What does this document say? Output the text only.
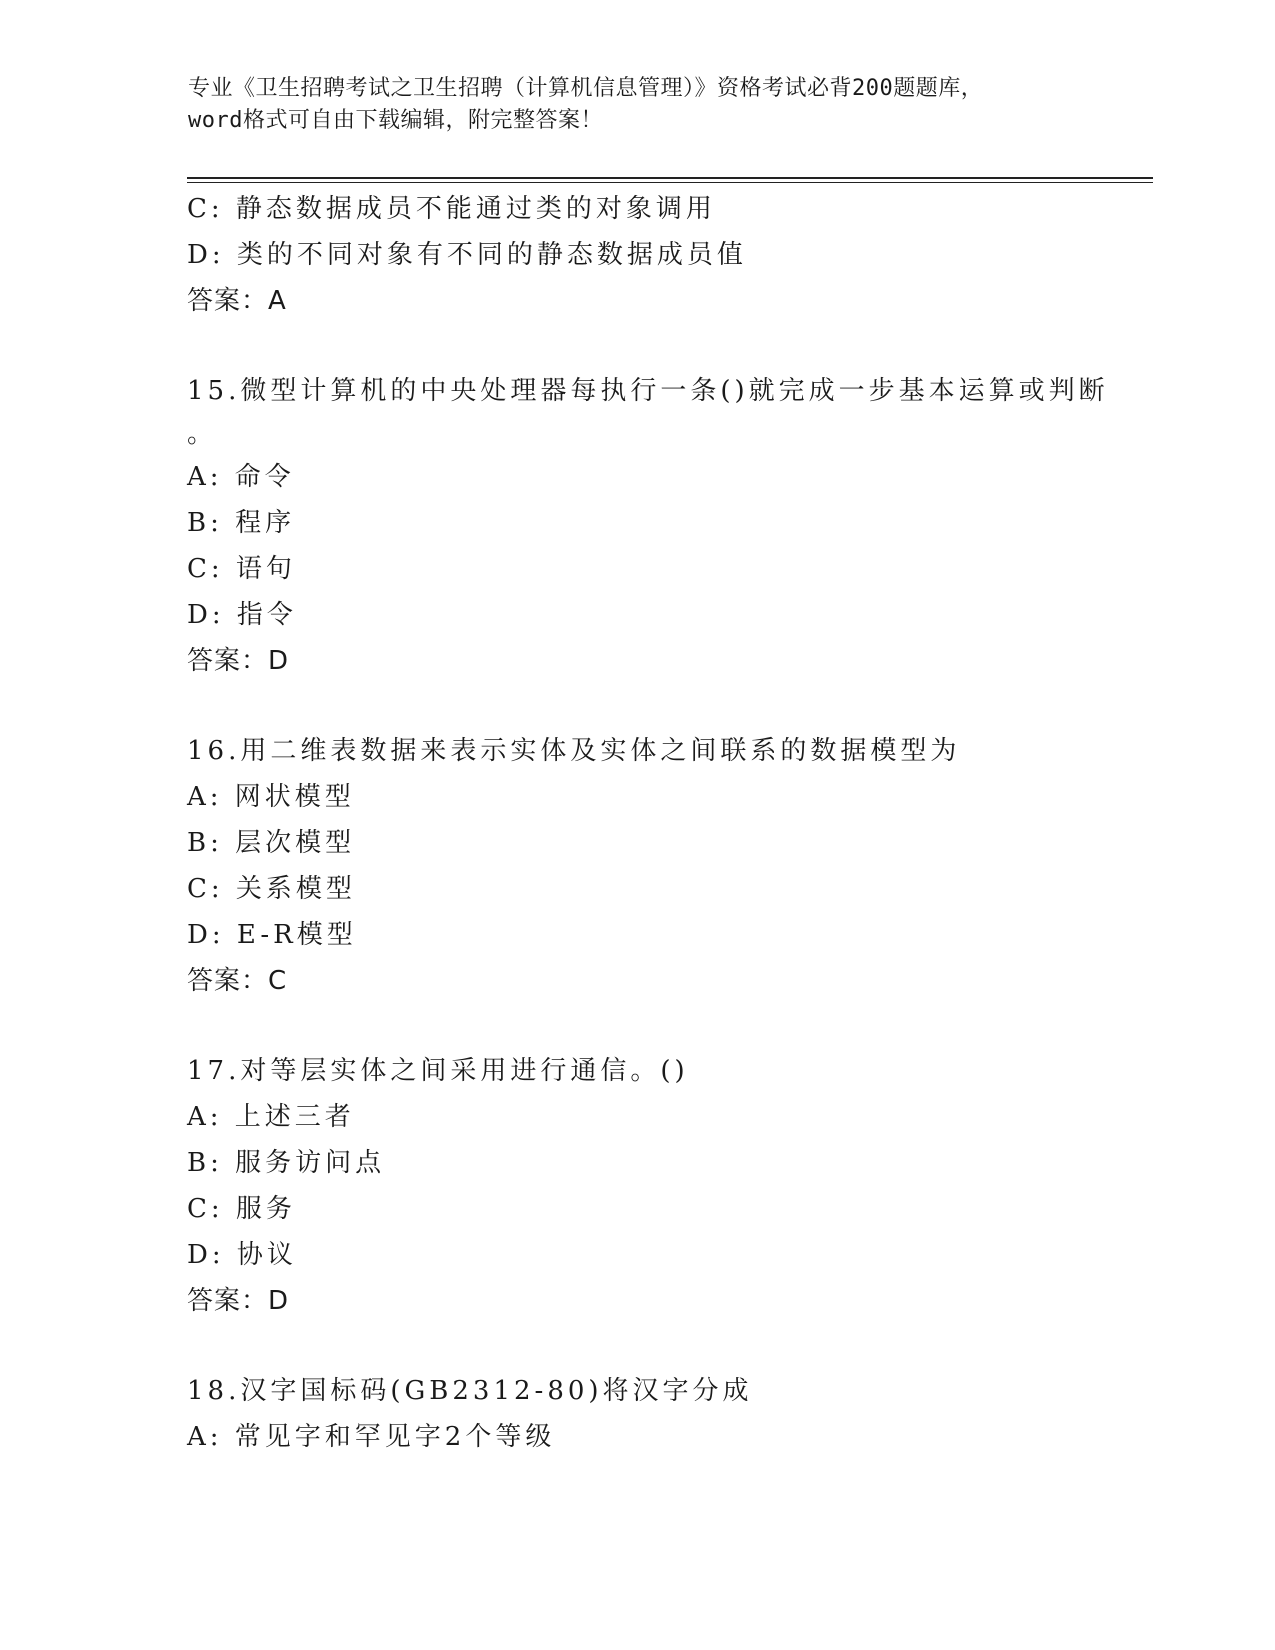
专业《卫生招聘考试之卫生招聘（计算机信息管理）》资格考试必背200题题库，
word格式可自由下载编辑，附完整答案！
C: 静态数据成员不能通过类的对象调用
D: 类的不同对象有不同的静态数据成员值
答案：A
15.微型计算机的中央处理器每执行一条()就完成一步基本运算或判断
。
A: 命令
B: 程序
C: 语句
D: 指令
答案：D
16.用二维表数据来表示实体及实体之间联系的数据模型为
A: 网状模型
B: 层次模型
C: 关系模型
D: E-R模型
答案：C
17.对等层实体之间采用进行通信。()
A: 上述三者
B: 服务访问点
C: 服务
D: 协议
答案：D
18.汉字国标码(GB2312-80)将汉字分成
A: 常见字和罕见字2个等级
